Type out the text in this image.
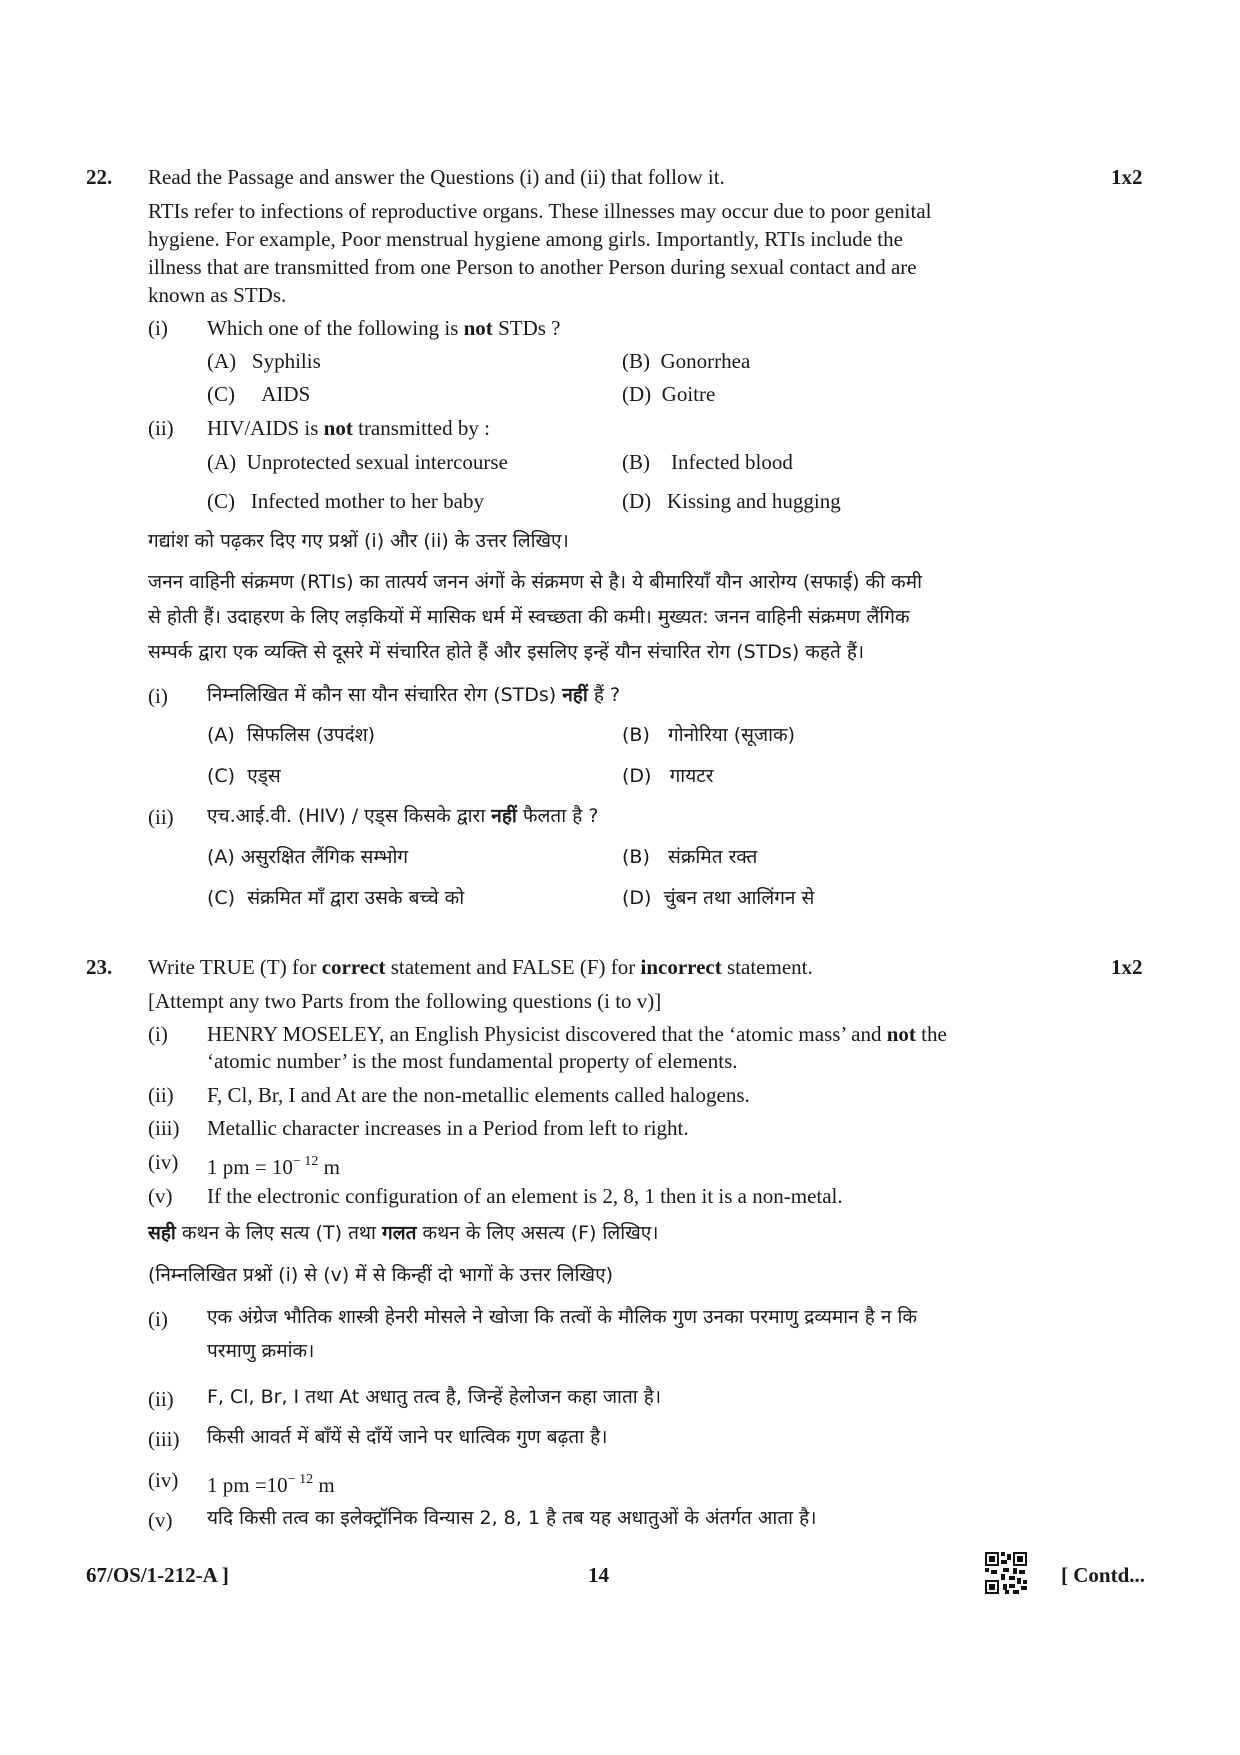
22. Read the Passage and answer the Questions (i) and (ii) that follow it.	1x2
RTIs refer to infections of reproductive organs. These illnesses may occur due to poor genital
hygiene. For example, Poor menstrual hygiene among girls. Importantly, RTIs include the
illness that are transmitted from one Person to another Person during sexual contact and are
known as STDs.
(i) Which one of the following is not STDs ?
(A) Syphilis	(B) Gonorrhea
(C) AIDS	(D) Goitre
(ii) HIV/AIDS is not transmitted by :
(A) Unprotected sexual intercourse	(B) Infected blood
(C) Infected mother to her baby	(D) Kissing and hugging
गद्यांश को पढ़कर दिए गए प्रश्नों (i) और (ii) के उत्तर लिखिए।
जनन वाहिनी संक्रमण (RTIs) का तात्पर्य जनन अंगों के संक्रमण से है। ये बीमारियाँ यौन आरोग्य (सफाई) की कमी
से होती हैं। उदाहरण के लिए लड़कियों में मासिक धर्म में स्वच्छता की कमी। मुख्यत: जनन वाहिनी संक्रमण लैंगिक
सम्पर्क द्वारा एक व्यक्ति से दूसरे में संचारित होते हैं और इसलिए इन्हें यौन संचारित रोग (STDs) कहते हैं।
(i) निम्नलिखित में कौन सा यौन संचारित रोग (STDs) नहीं हैं ?
(A) सिफलिस (उपदंश)	(B) गोनोरिया (सूजाक)
(C) एड्स	(D) गायटर
(ii) एच.आई.वी. (HIV) / एड्स किसके द्वारा नहीं फैलता है ?
(A) असुरक्षित लैंगिक सम्भोग	(B) संक्रमित रक्त
(C) संक्रमित माँ द्वारा उसके बच्चे को	(D) चुंबन तथा आलिंगन से
23. Write TRUE (T) for correct statement and FALSE (F) for incorrect statement.	1x2
[Attempt any two Parts from the following questions (i to v)]
(i) HENRY MOSELEY, an English Physicist discovered that the ‘atomic mass’ and not the
‘atomic number’ is the most fundamental property of elements.
(ii) F, Cl, Br, I and At are the non-metallic elements called halogens.
(iii) Metallic character increases in a Period from left to right.
(iv) 1 pm = $10^{- 12}$ m
(v) If the electronic configuration of an element is 2, 8, 1 then it is a non-metal.
सही कथन के लिए सत्य (T) तथा गलत कथन के लिए असत्य (F) लिखिए।
(निम्नलिखित प्रश्नों (i) से (v) में से किन्हीं दो भागों के उत्तर लिखिए)
(i) एक अंग्रेज भौतिक शास्त्री हेनरी मोसले ने खोजा कि तत्वों के मौलिक गुण उनका परमाणु द्रव्यमान है न कि
परमाणु क्रमांक।
(ii) F, Cl, Br, I तथा At अधातु तत्व है, जिन्हें हेलोजन कहा जाता है।
(iii) किसी आवर्त में बाँयें से दाँयें जाने पर धात्विक गुण बढ़ता है।
(iv) 1 pm $=10^{- 12}$ m
(v) यदि किसी तत्व का इलेक्ट्रॉनिक विन्यास 2, 8, 1 है तब यह अधातुओं के अंतर्गत आता है।
67/OS/1-212-A ]	14	[ Contd...
